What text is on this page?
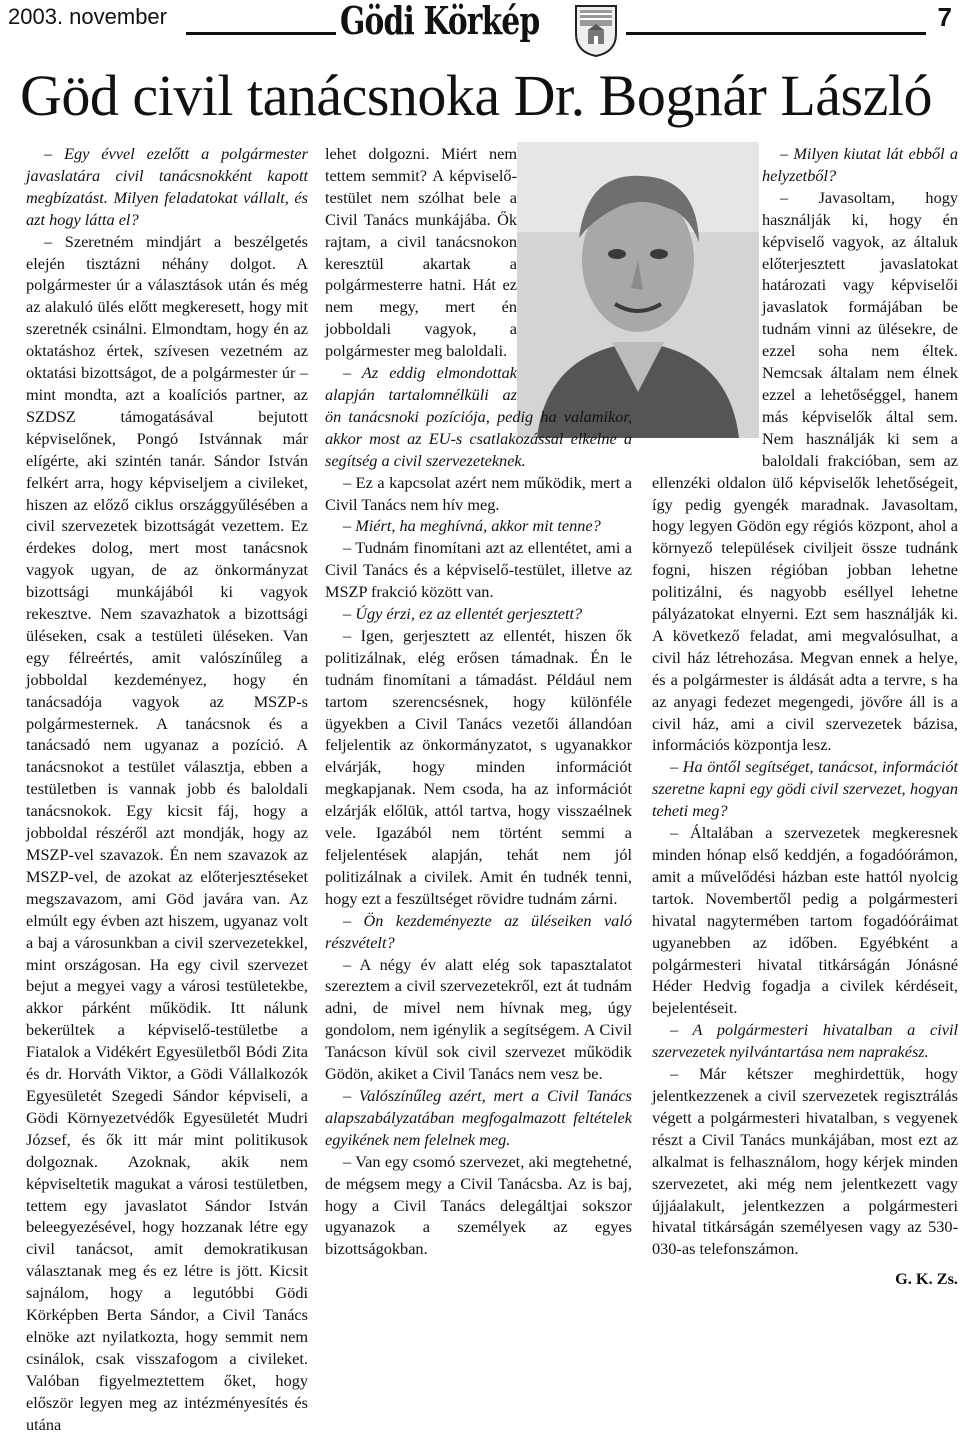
2003. november	Gödi Körkép	7
Göd civil tanácsnoka Dr. Bognár László

– Egy évvel ezelőtt a polgármester javaslatára civil tanácsnokként kapott megbízatást. Milyen feladatokat vállalt, és azt hogy látta el?

– Szeretném mindjárt a beszélgetés elején tisztázni néhány dolgot. A polgármester úr a választások után és még az alakuló ülés előtt megkeresett, hogy mit szeretnék csinálni. Elmondtam, hogy én az oktatáshoz értek, szívesen vezetném az oktatási bizottságot, de a polgármester úr – mint mondta, azt a koalíciós partner, az SZDSZ támogatásával bejutott képviselőnek, Pongó Istvánnak már elígérte, aki szintén tanár. Sándor István felkért arra, hogy képviseljem a civileket, hiszen az előző ciklus országgyűlésében a civil szervezetek bizottságát vezettem. Ez érdekes dolog, mert most tanácsnok vagyok ugyan, de az önkormányzat bizottsági munkájából ki vagyok rekesztve. Nem szavazhatok a bizottsági üléseken, csak a testületi üléseken. Van egy félreértés, amit valószínűleg a jobboldal kezdeményez, hogy én tanácsadója vagyok az MSZP-s polgármesternek. A tanácsnok és a tanácsadó nem ugyanaz a pozíció. A tanácsnokot a testület választja, ebben a testületben is vannak jobb és baloldali tanácsnokok. Egy kicsit fáj, hogy a jobboldal részéről azt mondják, hogy az MSZP-vel szavazok. Én nem szavazok az MSZP-vel, de azokat az előterjesztéseket megszavazom, ami Göd javára van. Az elmúlt egy évben azt hiszem, ugyanaz volt a baj a városunkban a civil szervezetekkel, mint országosan. Ha egy civil szervezet bejut a megyei vagy a városi testületekbe, akkor párként működik. Itt nálunk bekerültek a képviselő-testületbe a Fiatalok a Vidékért Egyesületből Bódi Zita és dr. Horváth Viktor, a Gödi Vállalkozók Egyesületét Szegedi Sándor képviseli, a Gödi Környezetvédők Egyesületét Mudri József, és ők itt már mint politikusok dolgoznak. Azoknak, akik nem képviseltetik magukat a városi testületben, tettem egy javaslatot Sándor István beleegyezésével, hogy hozzanak létre egy civil tanácsot, amit demokratikusan választanak meg és ez létre is jött. Kicsit sajnálom, hogy a legutóbbi Gödi Körképben Berta Sándor, a Civil Tanács elnöke azt nyilatkozta, hogy semmit nem csinálok, csak visszafogom a civileket. Valóban figyelmeztettem őket, hogy először legyen meg az intézményesítés és utána

lehet dolgozni. Miért nem tettem semmit? A képviselő-testület nem szólhat bele a Civil Tanács munkájába. Ők rajtam, a civil tanácsnokon keresztül akartak a polgármesterre hatni. Hát ez nem megy, mert én jobboldali vagyok, a polgármester meg baloldali.

– Az eddig elmondottak alapján tartalomnélküli az ön tanácsnoki pozíciója, pedig ha valamikor, akkor most az EU-s csatlakozással elkelne a segítség a civil szervezeteknek.

– Ez a kapcsolat azért nem működik, mert a Civil Tanács nem hív meg.

– Miért, ha meghívná, akkor mit tenne?

– Tudnám finomítani azt az ellentétet, ami a Civil Tanács és a képviselő-testület, illetve az MSZP frakció között van.

– Úgy érzi, ez az ellentét gerjesztett?

– Igen, gerjesztett az ellentét, hiszen ők politizálnak, elég erősen támadnak. Én le tudnám finomítani a támadást. Például nem tartom szerencsésnek, hogy különféle ügyekben a Civil Tanács vezetői állandóan feljelentik az önkormányzatot, s ugyanakkor elvárják, hogy minden információt megkapjanak. Nem csoda, ha az információt elzárják előlük, attól tartva, hogy visszaélnek vele. Igazából nem történt semmi a feljelentések alapján, tehát nem jól politizálnak a civilek. Amit én tudnék tenni, hogy ezt a feszültséget rövidre tudnám zárni.

– Ön kezdeményezte az üléseiken való részvételt?

– A négy év alatt elég sok tapasztalatot szereztem a civil szervezetekről, ezt át tudnám adni, de mivel nem hívnak meg, úgy gondolom, nem igénylik a segítségem. A Civil Tanácson kívül sok civil szervezet működik Gödön, akiket a Civil Tanács nem vesz be.

– Valószínűleg azért, mert a Civil Tanács alapszabályzatában megfogalmazott feltételek egyikének nem felelnek meg.

– Van egy csomó szervezet, aki megtehetné, de mégsem megy a Civil Tanácsba. Az is baj, hogy a Civil Tanács delegáltjai sokszor ugyanazok a személyek az egyes bizottságokban.

– Milyen kiutat lát ebből a helyzetből?

– Javasoltam, hogy használják ki, hogy én képviselő vagyok, az általuk előterjesztett javaslatokat határozati vagy képviselői javaslatok formájában be tudnám vinni az ülésekre, de ezzel soha nem éltek. Nemcsak általam nem élnek ezzel a lehetőséggel, hanem más képviselők által sem. Nem használják ki sem a baloldali frakcióban, sem az ellenzéki oldalon ülő képviselők lehetőségeit, így pedig gyengék maradnak. Javasoltam, hogy legyen Gödön egy régiós központ, ahol a környező települések civiljeit össze tudnánk fogni, hiszen régióban jobban lehetne politizálni, és nagyobb eséllyel lehetne pályázatokat elnyerni. Ezt sem használják ki. A következő feladat, ami megvalósulhat, a civil ház létrehozása. Megvan ennek a helye, és a polgármester is áldását adta a tervre, s ha az anyagi fedezet megengedi, jövőre áll is a civil ház, ami a civil szervezetek bázisa, információs központja lesz.

– Ha öntől segítséget, tanácsot, információt szeretne kapni egy gödi civil szervezet, hogyan teheti meg?

– Általában a szervezetek megkeresnek minden hónap első keddjén, a fogadóórámon, amit a művelődési házban este hattól nyolcig tartok. Novembertől pedig a polgármesteri hivatal nagytermében tartom fogadóóráimat ugyanebben az időben. Egyébként a polgármesteri hivatal titkárságán Jónásné Héder Hedvig fogadja a civilek kérdéseit, bejelentéseit.

– A polgármesteri hivatalban a civil szervezetek nyilvántartása nem naprakész.

– Már kétszer meghirdettük, hogy jelentkezzenek a civil szervezetek regisztrálás végett a polgármesteri hivatalban, s vegyenek részt a Civil Tanács munkájában, most ezt az alkalmat is felhasználom, hogy kérjek minden szervezetet, aki még nem jelentkezett vagy újjáalakult, jelentkezzen a polgármesteri hivatal titkárságán személyesen vagy az 530-030-as telefonszámon.

G. K. Zs.
